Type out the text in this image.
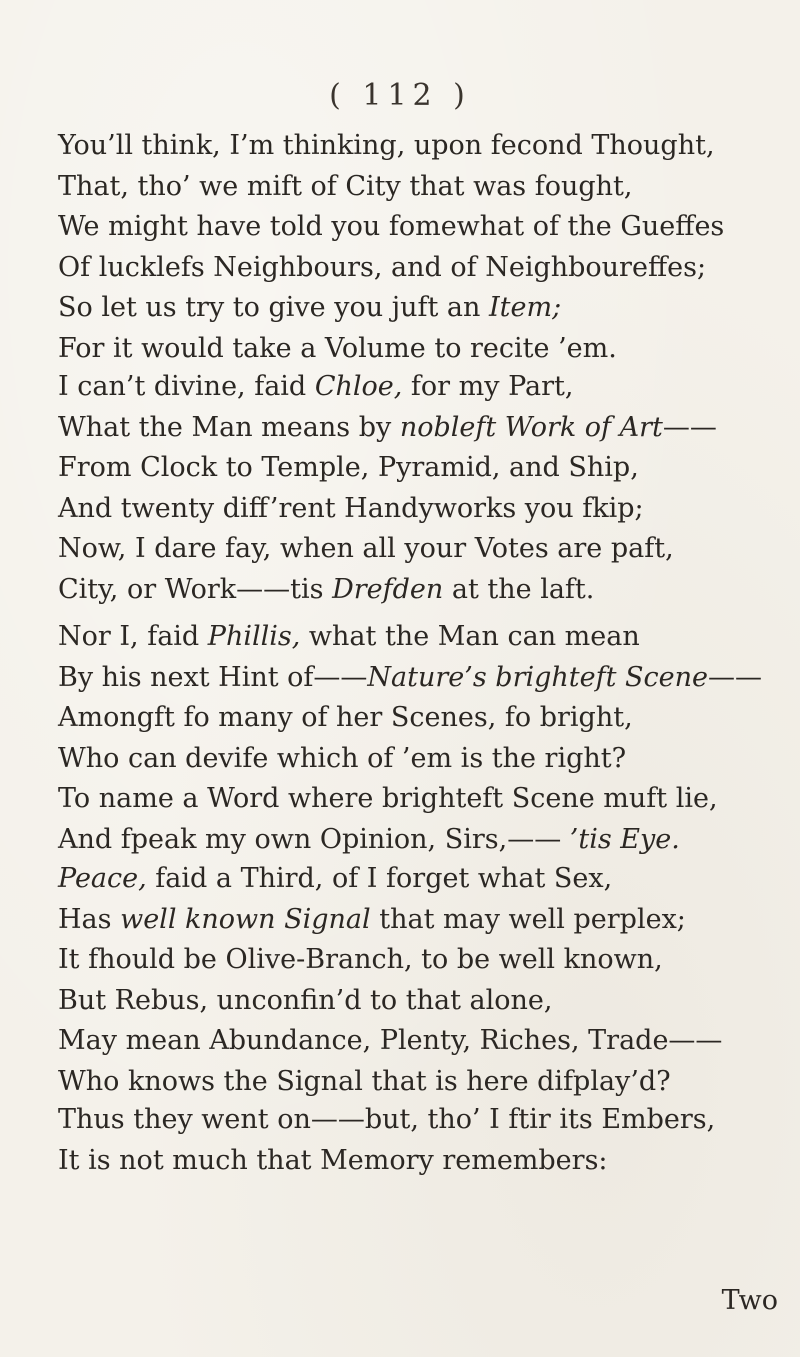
( 112 )
You’ll think, I’m thinking, upon fecond Thought,
That, tho’ we mift of City that was fought,
We might have told you fomewhat of the Gueffes
Of lucklefs Neighbours, and of Neighboureffes;
So let us try to give you juft an Item;
For it would take a Volume to recite ’em.
I can’t divine, faid Chloe, for my Part,
What the Man means by nobleft Work of Art——
From Clock to Temple, Pyramid, and Ship,
And twenty diff’rent Handyworks you fkip;
Now, I dare fay, when all your Votes are paft,
City, or Work——tis Drefden at the laft.
Nor I, faid Phillis, what the Man can mean
By his next Hint of——Nature’s brighteft Scene——
Amongft fo many of her Scenes, fo bright,
Who can devife which of ’em is the right?
To name a Word where brighteft Scene muft lie,
And fpeak my own Opinion, Sirs,—— ’tis Eye.
Peace, faid a Third, of I forget what Sex,
Has well known Signal that may well perplex;
It fhould be Olive-Branch, to be well known,
But Rebus, unconfin’d to that alone,
May mean Abundance, Plenty, Riches, Trade——
Who knows the Signal that is here difplay’d?
Thus they went on——but, tho’ I ftir its Embers,
It is not much that Memory remembers:
Two
